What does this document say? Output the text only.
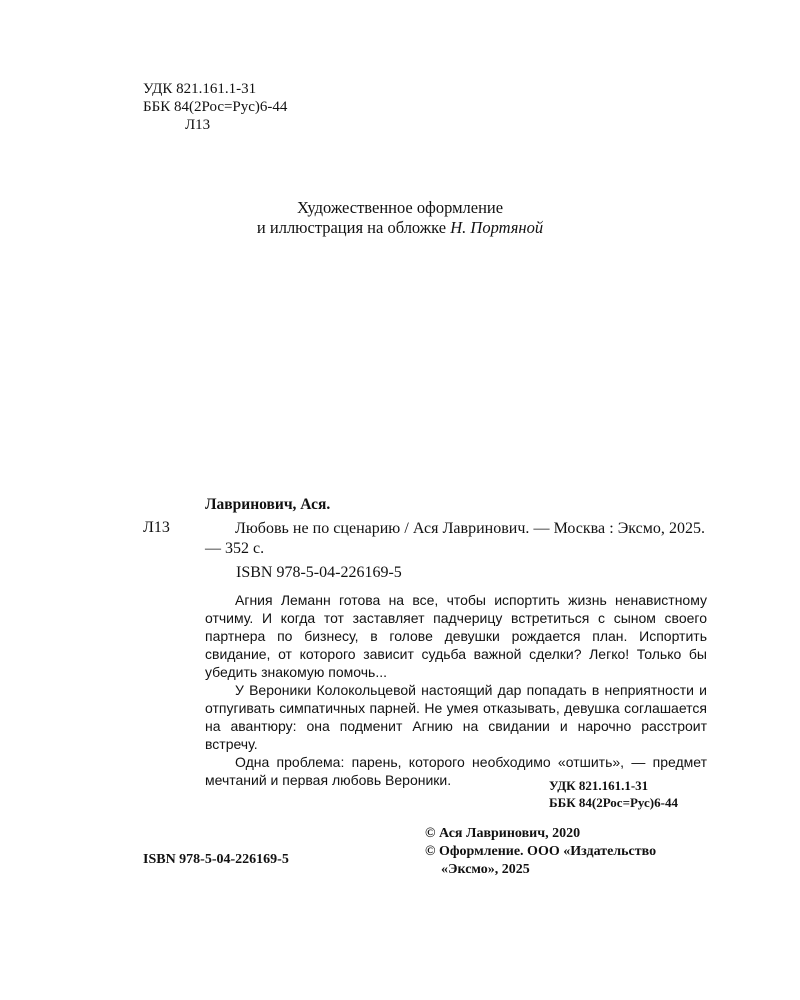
УДК 821.161.1-31
ББК 84(2Рос=Рус)6-44
Л13
Художественное оформление
и иллюстрация на обложке Н. Портяной
Лавринович, Ася.
Л13	Любовь не по сценарию / Ася Лавринович. — Москва : Эксмо, 2025. — 352 с.

ISBN 978-5-04-226169-5

Агния Леманн готова на все, чтобы испортить жизнь ненавистному отчиму. И когда тот заставляет падчерицу встретиться с сыном своего партнера по бизнесу, в голове девушки рождается план. Испортить свидание, от которого зависит судьба важной сделки? Легко! Только бы убедить знакомую помочь...

У Вероники Колокольцевой настоящий дар попадать в неприятности и отпугивать симпатичных парней. Не умея отказывать, девушка соглашается на авантюру: она подменит Агнию на свидании и нарочно расстроит встречу.

Одна проблема: парень, которого необходимо «отшить», — предмет мечтаний и первая любовь Вероники.	УДК 821.161.1-31
ББК 84(2Рос=Рус)6-44
© Ася Лавринович, 2020
© Оформление. ООО «Издательство
«Эксмо», 2025
ISBN 978-5-04-226169-5
